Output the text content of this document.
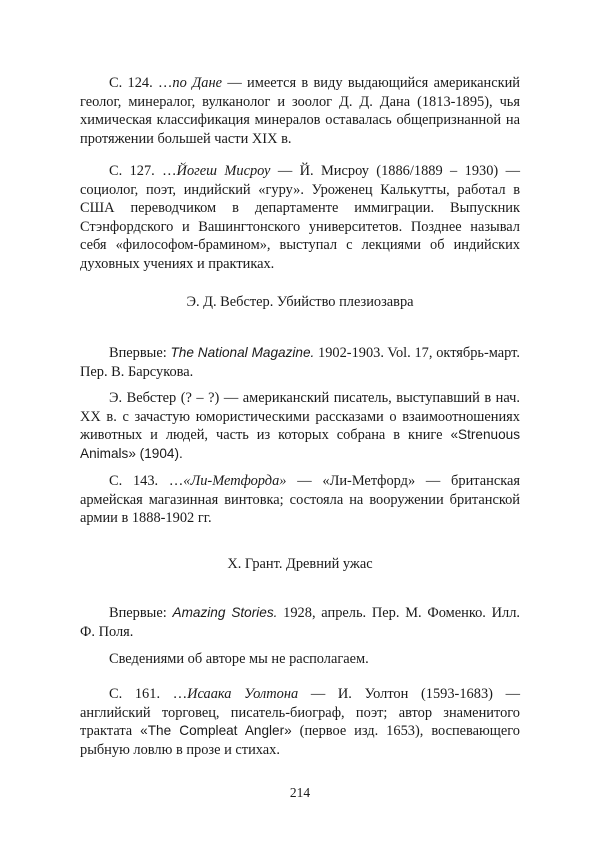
С. 124. …по Дане — имеется в виду выдающийся американский геолог, минералог, вулканолог и зоолог Д. Д. Дана (1813-1895), чья химическая классификация минералов оставалась общепризнанной на протяжении большей части XIX в.

С. 127. …Йогеш Мисроу — Й. Мисроу (1886/1889 – 1930) — социолог, поэт, индийский «гуру». Уроженец Калькутты, работал в США переводчиком в департаменте иммиграции. Выпускник Стэнфордского и Вашингтонского университетов. Позднее называл себя «философом-брамином», выступал с лекциями об индийских духовных учениях и практиках.

Э. Д. Вебстер. Убийство плезиозавра

Впервые: The National Magazine. 1902-1903. Vol. 17, октябрь-март. Пер. В. Барсукова.

Э. Вебстер (? – ?) — американский писатель, выступавший в нач. XX в. с зачастую юмористическими рассказами о взаимоотношениях животных и людей, часть из которых собрана в книге «Strenuous Animals» (1904).

С. 143. …«Ли-Метфорда» — «Ли-Метфорд» — британская армейская магазинная винтовка; состояла на вооружении британской армии в 1888-1902 гг.

Х. Грант. Древний ужас

Впервые: Amazing Stories. 1928, апрель. Пер. М. Фоменко. Илл. Ф. Поля.

Сведениями об авторе мы не располагаем.

С. 161. …Исаака Уолтона — И. Уолтон (1593-1683) — английский торговец, писатель-биограф, поэт; автор знаменитого трактата «The Compleat Angler» (первое изд. 1653), воспевающего рыбную ловлю в прозе и стихах.

214
